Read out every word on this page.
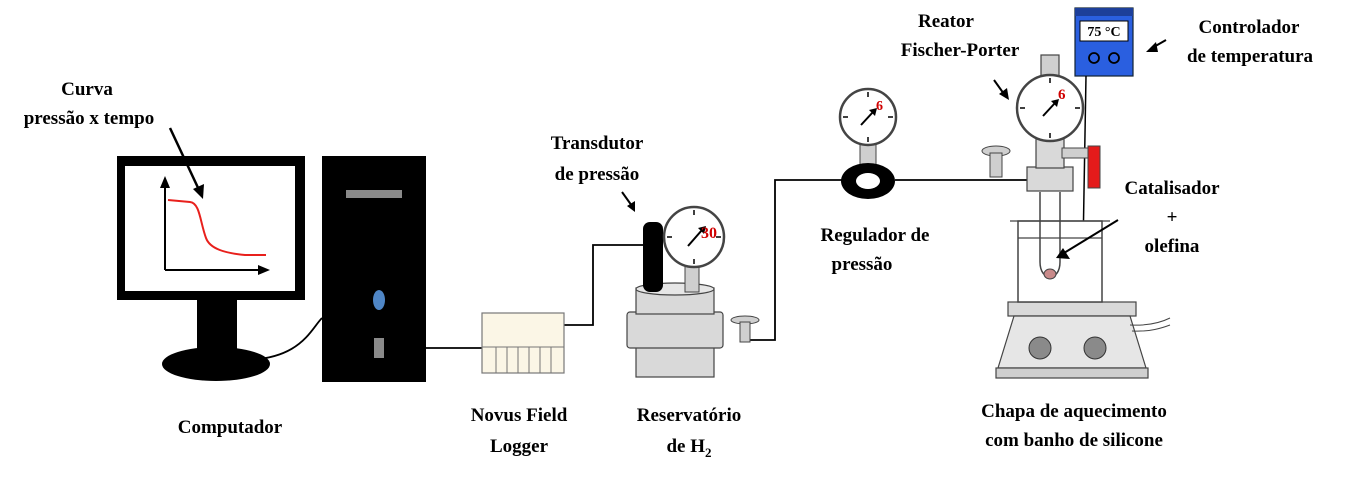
30
6
75 °C
6
Curva
pressão x tempo
Computador
Novus Field
Logger
Transdutor
de pressão
Reservatório
de $H_2$
Regulador de
pressão
Reator
Fischer-Porter
Controlador
de temperatura
Catalisador
+
olefina
Chapa de aquecimento
com banho de silicone
